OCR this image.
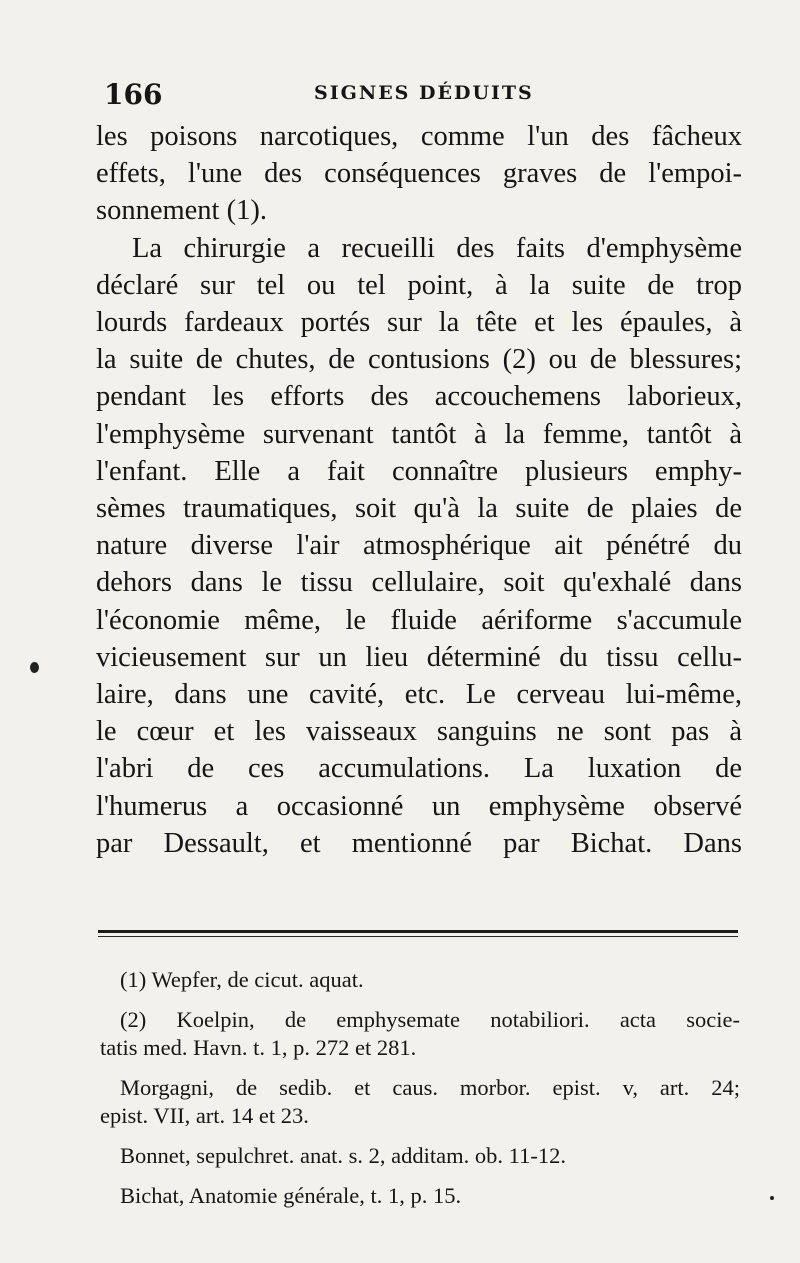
166	SIGNES DÉDUITS
les poisons narcotiques, comme l'un des fâcheux
effets, l'une des conséquences graves de l'empoi-
sonnement (1).
La chirurgie a recueilli des faits d'emphysème
déclaré sur tel ou tel point, à la suite de trop
lourds fardeaux portés sur la tête et les épaules, à
la suite de chutes, de contusions (2) ou de blessures;
pendant les efforts des accouchemens laborieux,
l'emphysème survenant tantôt à la femme, tantôt à
l'enfant. Elle a fait connaître plusieurs emphy-
sèmes traumatiques, soit qu'à la suite de plaies de
nature diverse l'air atmosphérique ait pénétré du
dehors dans le tissu cellulaire, soit qu'exhalé dans
l'économie même, le fluide aériforme s'accumule
vicieusement sur un lieu déterminé du tissu cellu-
laire, dans une cavité, etc. Le cerveau lui-même,
le cœur et les vaisseaux sanguins ne sont pas à
l'abri de ces accumulations. La luxation de
l'humerus a occasionné un emphysème observé
par Dessault, et mentionné par Bichat. Dans

(1) Wepfer, de cicut. aquat.

(2) Koelpin, de emphysemate notabiliori. acta socie-
tatis med. Havn. t. 1, p. 272 et 281.

Morgagni, de sedib. et caus. morbor. epist. v, art. 24;
epist. VII, art. 14 et 23.

Bonnet, sepulchret. anat. s. 2, additam. ob. 11-12.

Bichat, Anatomie générale, t. 1, p. 15.
